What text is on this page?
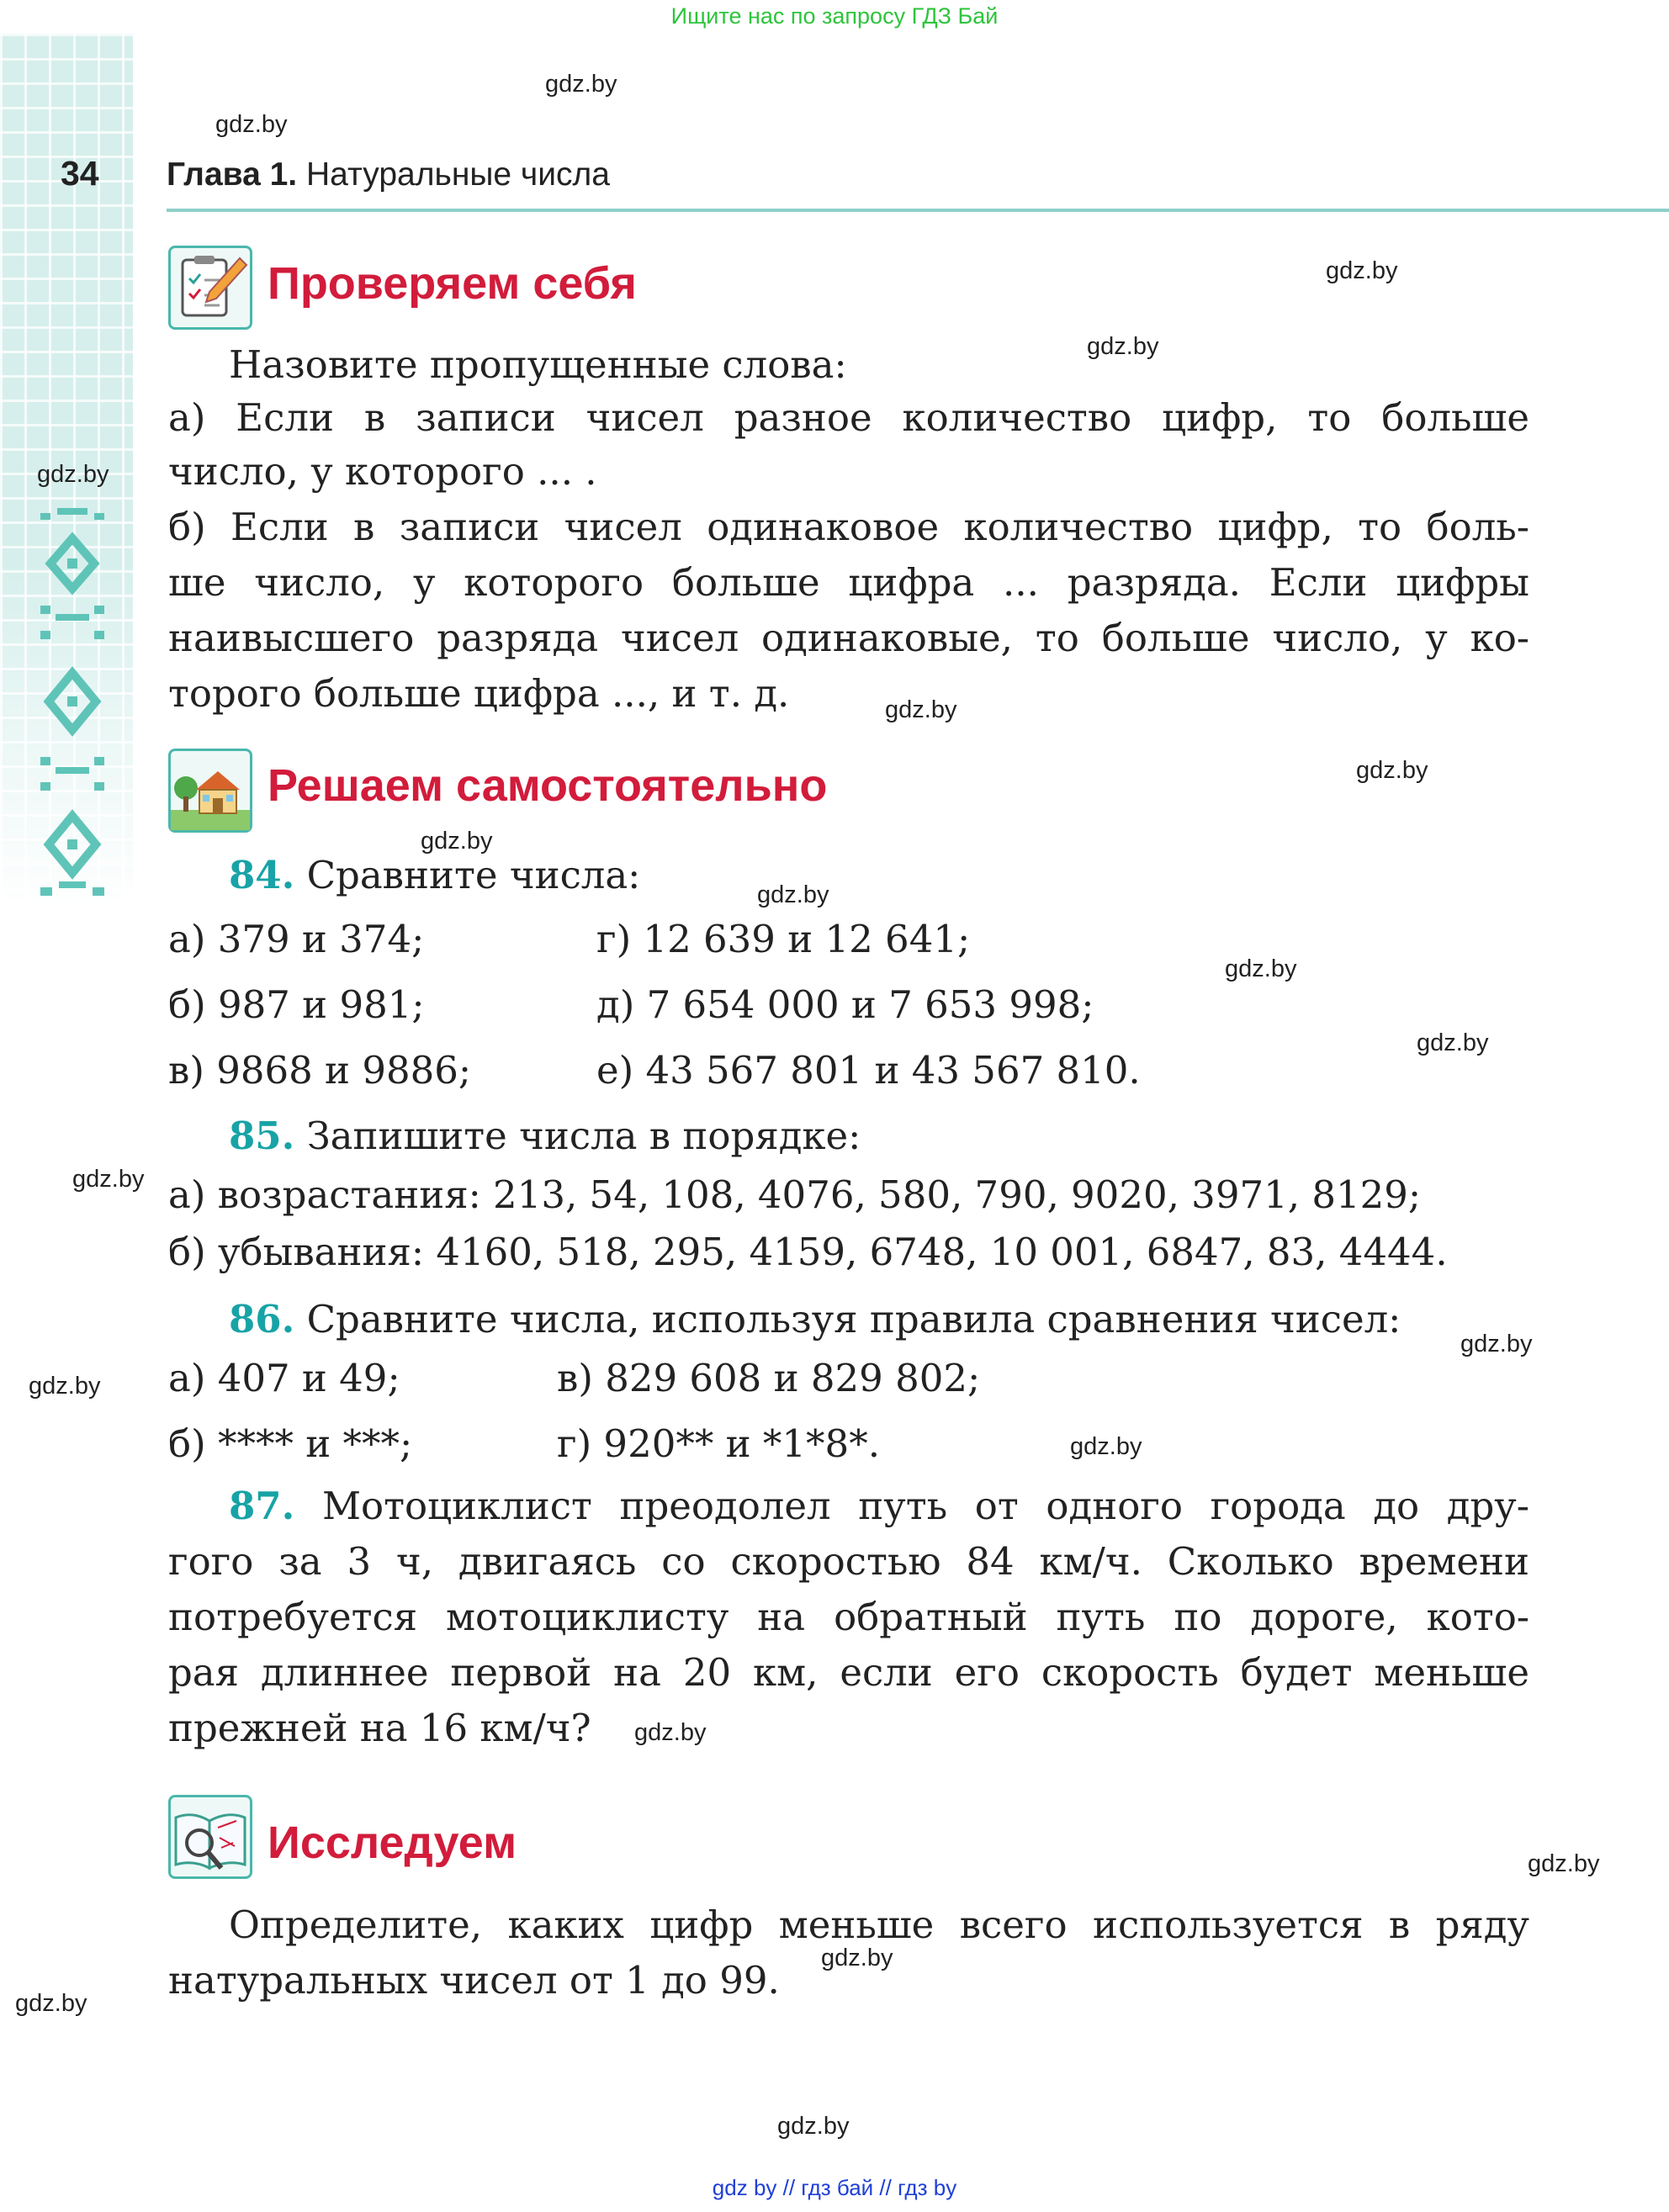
Ищите нас по запросу ГДЗ Бай
34 Глава 1. Натуральные числа
Проверяем себя
Назовите пропущенные слова:
а) Если в записи чисел разное количество цифр, то больше
число, у которого ... .
б) Если в записи чисел одинаковое количество цифр, то боль-
ше число, у которого больше цифра ... разряда. Если цифры
наивысшего разряда чисел одинаковые, то больше число, у ко-
торого больше цифра ..., и т. д.
Решаем самостоятельно
84. Сравните числа:
а) 379 и 374;	г) 12 639 и 12 641;
б) 987 и 981;	д) 7 654 000 и 7 653 998;
в) 9868 и 9886;	е) 43 567 801 и 43 567 810.
85. Запишите числа в порядке:
а) возрастания: 213, 54, 108, 4076, 580, 790, 9020, 3971, 8129;
б) убывания: 4160, 518, 295, 4159, 6748, 10 001, 6847, 83, 4444.
86. Сравните числа, используя правила сравнения чисел:
а) 407 и 49;	в) 829 608 и 829 802;
б) **** и ***;	г) 920** и *1*8*.
87. Мотоциклист преодолел путь от одного города до дру-
гого за 3 ч, двигаясь со скоростью 84 км/ч. Сколько времени
потребуется мотоциклисту на обратный путь по дороге, кото-
рая длиннее первой на 20 км, если его скорость будет меньше
прежней на 16 км/ч?
Исследуем
Определите, каких цифр меньше всего используется в ряду
натуральных чисел от 1 до 99.
gdz.by
gdz.by
gdz.by
gdz.by
gdz.by
gdz.by
gdz.by
gdz.by
gdz.by
gdz.by
gdz.by
gdz.by
gdz.by
gdz.by
gdz.by
gdz.by
gdz.by
gdz.by
gdz.by
gdz.by
gdz by // гдз бай // гдз by
